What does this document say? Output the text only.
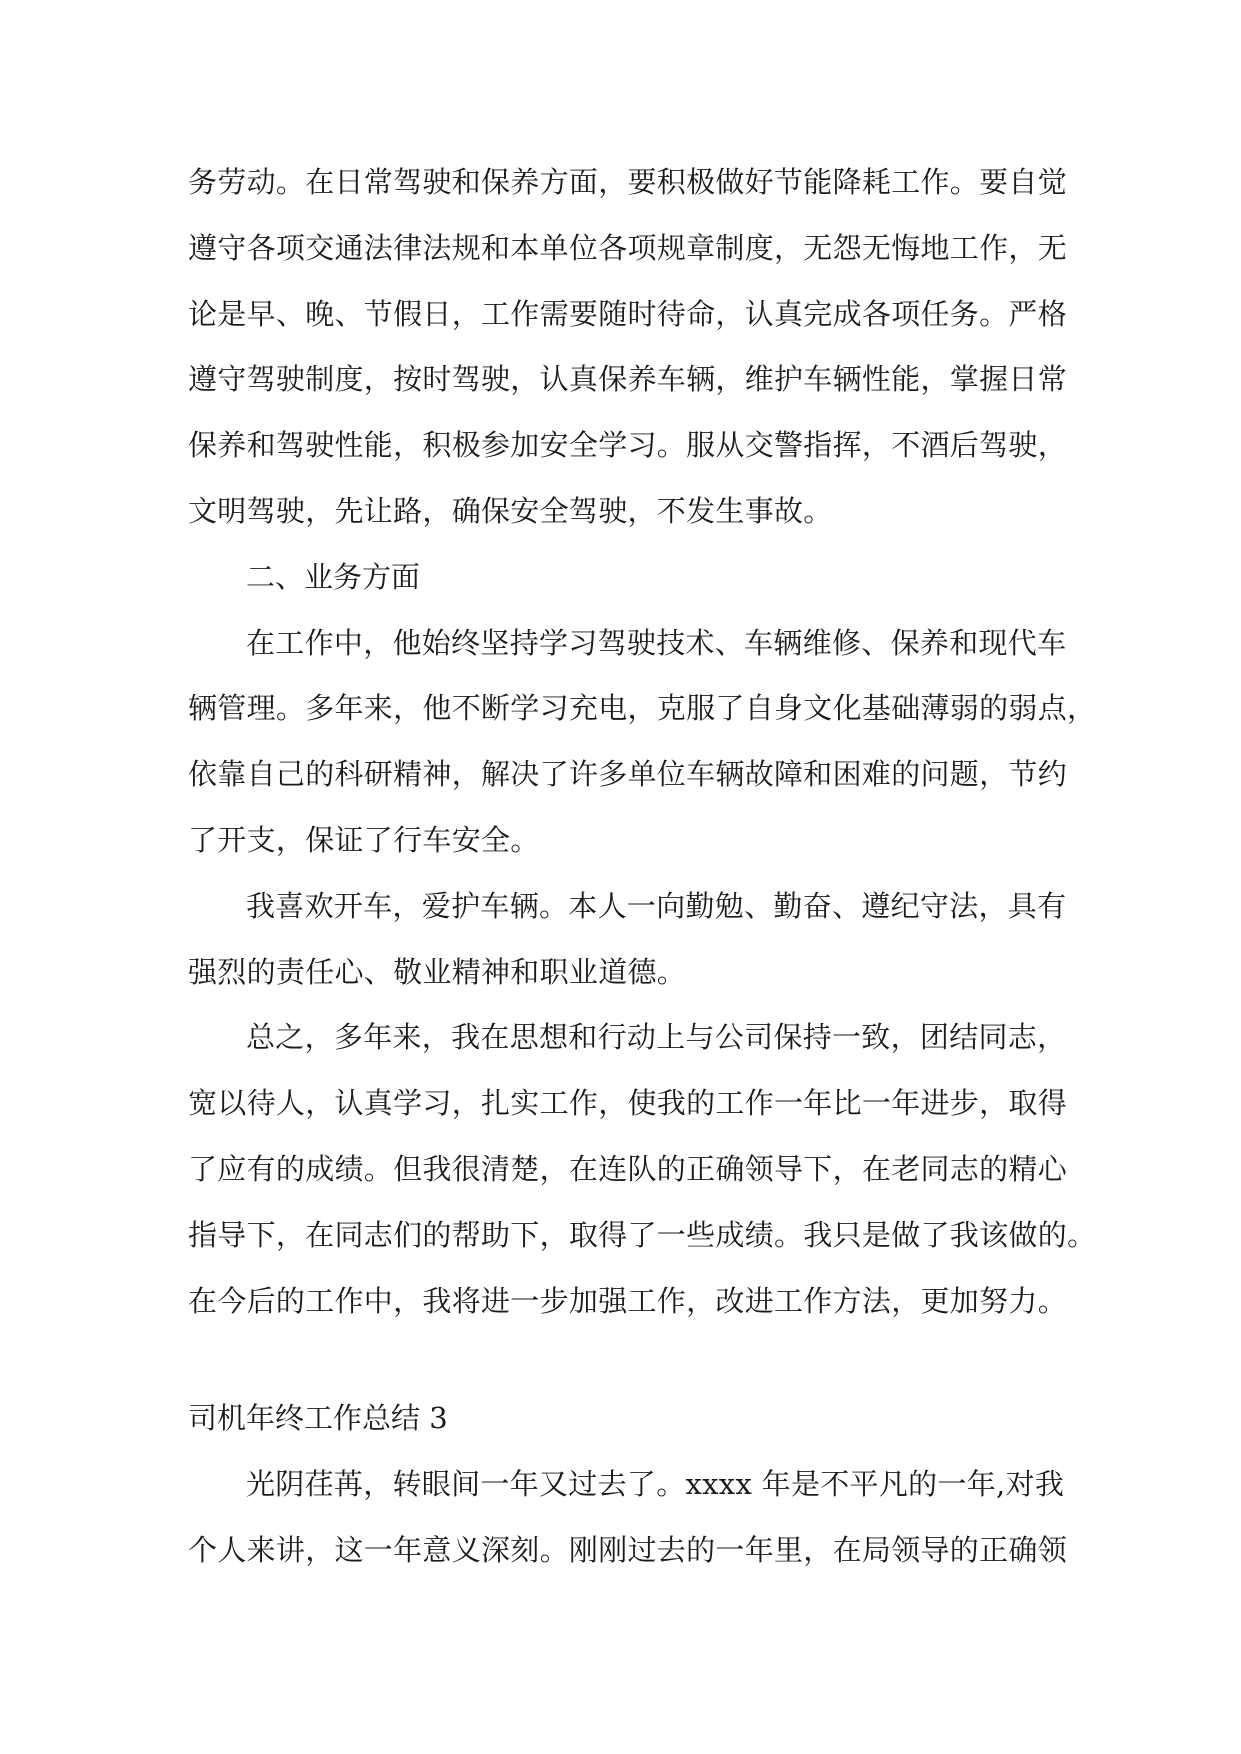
务劳动。在日常驾驶和保养方面，要积极做好节能降耗工作。要自觉
遵守各项交通法律法规和本单位各项规章制度，无怨无悔地工作，无
论是早、晚、节假日，工作需要随时待命，认真完成各项任务。严格
遵守驾驶制度，按时驾驶，认真保养车辆，维护车辆性能，掌握日常
保养和驾驶性能，积极参加安全学习。服从交警指挥，不酒后驾驶，
文明驾驶，先让路，确保安全驾驶，不发生事故。
二、业务方面
在工作中，他始终坚持学习驾驶技术、车辆维修、保养和现代车
辆管理。多年来，他不断学习充电，克服了自身文化基础薄弱的弱点，
依靠自己的科研精神，解决了许多单位车辆故障和困难的问题，节约
了开支，保证了行车安全。
我喜欢开车，爱护车辆。本人一向勤勉、勤奋、遵纪守法，具有
强烈的责任心、敬业精神和职业道德。
总之，多年来，我在思想和行动上与公司保持一致，团结同志，
宽以待人，认真学习，扎实工作，使我的工作一年比一年进步，取得
了应有的成绩。但我很清楚，在连队的正确领导下，在老同志的精心
指导下，在同志们的帮助下，取得了一些成绩。我只是做了我该做的。
在今后的工作中，我将进一步加强工作，改进工作方法，更加努力。
司机年终工作总结 3
光阴荏苒，转眼间一年又过去了。xxxx 年是不平凡的一年,对我
个人来讲，这一年意义深刻。刚刚过去的一年里，在局领导的正确领
